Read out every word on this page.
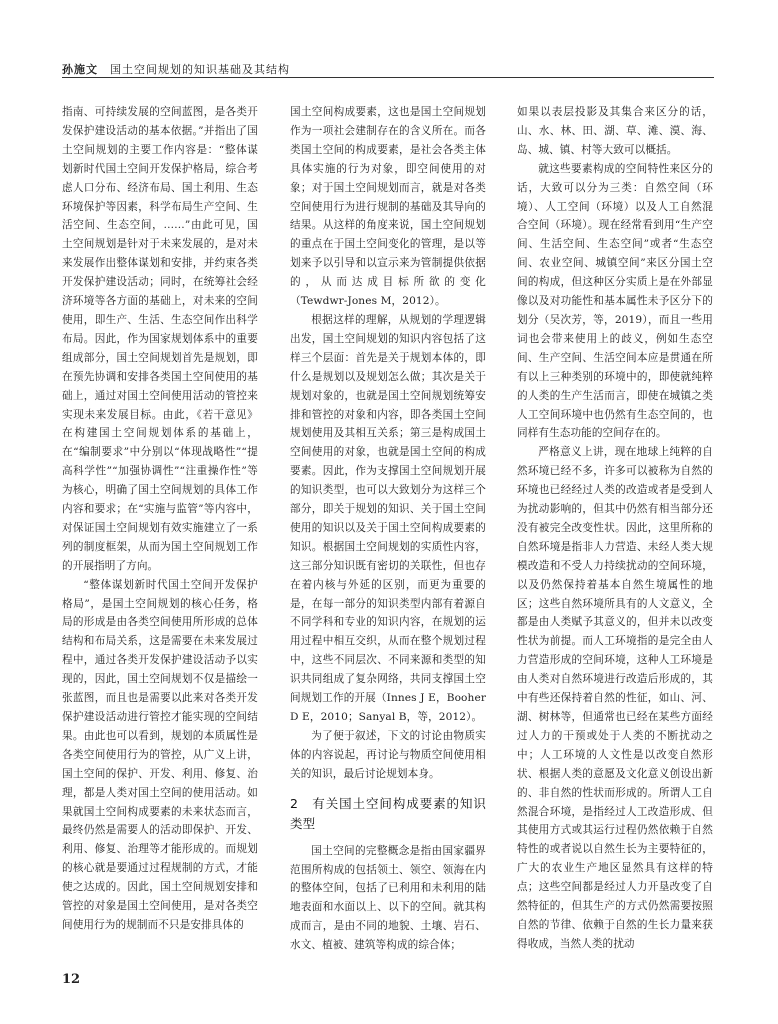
孙施文 国土空间规划的知识基础及其结构

指南、可持续发展的空间蓝图，是各类开发保护建设活动的基本依据。”并指出了国土空间规划的主要工作内容是：“整体谋划新时代国土空间开发保护格局，综合考虑人口分布、经济布局、国土利用、生态环境保护等因素，科学布局生产空间、生活空间、生态空间，……”由此可见，国土空间规划是针对于未来发展的，是对未来发展作出整体谋划和安排，并约束各类开发保护建设活动；同时，在统筹社会经济环境等各方面的基础上，对未来的空间使用，即生产、生活、生态空间作出科学布局。因此，作为国家规划体系中的重要组成部分，国土空间规划首先是规划，即在预先协调和安排各类国土空间使用的基础上，通过对国土空间使用活动的管控来实现未来发展目标。由此，《若干意见》在构建国土空间规划体系的基础上，在“编制要求”中分别以“体现战略性”“提高科学性”“加强协调性”“注重操作性”等为核心，明确了国土空间规划的具体工作内容和要求；在“实施与监管”等内容中，对保证国土空间规划有效实施建立了一系列的制度框架，从而为国土空间规划工作的开展指明了方向。

“整体谋划新时代国土空间开发保护格局”，是国土空间规划的核心任务，格局的形成是由各类空间使用所形成的总体结构和布局关系，这是需要在未来发展过程中，通过各类开发保护建设活动予以实现的，因此，国土空间规划不仅是描绘一张蓝图，而且也是需要以此来对各类开发保护建设活动进行管控才能实现的空间结果。由此也可以看到，规划的本质属性是各类空间使用行为的管控，从广义上讲，国土空间的保护、开发、利用、修复、治理，都是人类对国土空间的使用活动。如果就国土空间构成要素的未来状态而言，最终仍然是需要人的活动即保护、开发、利用、修复、治理等才能形成的。而规划的核心就是要通过过程规制的方式，才能使之达成的。因此，国土空间规划安排和管控的对象是国土空间使用，是对各类空间使用行为的规制而不只是安排具体的

国土空间构成要素，这也是国土空间规划作为一项社会建制存在的含义所在。而各类国土空间的构成要素，是社会各类主体具体实施的行为对象，即空间使用的对象；对于国土空间规划而言，就是对各类空间使用行为进行规制的基础及其导向的结果。从这样的角度来说，国土空间规划的重点在于国土空间变化的管理，是以等划来予以引导和以宣示来为管制提供依据的，从而达成目标所欲的变化（Tewdwr-Jones M，2012）。

根据这样的理解，从规划的学理逻辑出发，国土空间规划的知识内容包括了这样三个层面：首先是关于规划本体的，即什么是规划以及规划怎么做；其次是关于规划对象的，也就是国土空间规划统筹安排和管控的对象和内容，即各类国土空间规划使用及其相互关系；第三是构成国土空间使用的对象，也就是国土空间的构成要素。因此，作为支撑国土空间规划开展的知识类型，也可以大致划分为这样三个部分，即关于规划的知识、关于国土空间使用的知识以及关于国土空间构成要素的知识。根据国土空间规划的实质性内容，这三部分知识既有密切的关联性，但也存在着内核与外延的区别，而更为重要的是，在每一部分的知识类型内部有着源自不同学科和专业的知识内容，在规划的运用过程中相互交织，从而在整个规划过程中，这些不同层次、不同来源和类型的知识共同组成了复杂网络，共同支撑国土空间规划工作的开展（Innes J E，Booher D E，2010；Sanyal B，等，2012）。

为了便于叙述，下文的讨论由物质实体的内容说起，再讨论与物质空间使用相关的知识，最后讨论规划本身。

2　有关国土空间构成要素的知识类型

国土空间的完整概念是指由国家疆界范围所构成的包括领土、领空、领海在内的整体空间，包括了已利用和未利用的陆地表面和水面以上、以下的空间。就其构成而言，是由不同的地貌、土壤、岩石、水文、植被、建筑等构成的综合体；

如果以表层投影及其集合来区分的话，山、水、林、田、湖、草、滩、漠、海、岛、城、镇、村等大致可以概括。

就这些要素构成的空间特性来区分的话，大致可以分为三类：自然空间（环境）、人工空间（环境）以及人工自然混合空间（环境）。现在经常看到用“生产空间、生活空间、生态空间”或者“生态空间、农业空间、城镇空间”来区分国土空间的构成，但这种区分实质上是在外部显像以及对功能性和基本属性未予区分下的划分（吴次芳，等，2019），而且一些用词也会带来使用上的歧义，例如生态空间、生产空间、生活空间本应是贯通在所有以上三种类别的环境中的，即使就纯粹的人类的生产生活而言，即使在城镇之类人工空间环境中也仍然有生态空间的，也同样有生态功能的空间存在的。

严格意义上讲，现在地球上纯粹的自然环境已经不多，许多可以被称为自然的环境也已经经过人类的改造或者是受到人为扰动影响的，但其中仍然有相当部分还没有被完全改变性状。因此，这里所称的自然环境是指非人力营造、未经人类大规模改造和不受人力持续扰动的空间环境，以及仍然保持着基本自然生境属性的地区；这些自然环境所具有的人文意义，全都是由人类赋予其意义的，但并未以改变性状为前提。而人工环境指的是完全由人力营造形成的空间环境，这种人工环境是由人类对自然环境进行改造后形成的，其中有些还保持着自然的性征，如山、河、湖、树林等，但通常也已经在某些方面经过人力的干预或处于人类的不断扰动之中；人工环境的人文性是以改变自然形状、根据人类的意愿及文化意义创设出新的、非自然的性状而形成的。所谓人工自然混合环境，是指经过人工改造形成、但其使用方式或其运行过程仍然依赖于自然特性的或者说以自然生长为主要特征的，广大的农业生产地区显然具有这样的特点；这些空间都是经过人力开垦改变了自然特征的，但其生产的方式仍然需要按照自然的节律、依赖于自然的生长力量来获得收成，当然人类的扰动

12
